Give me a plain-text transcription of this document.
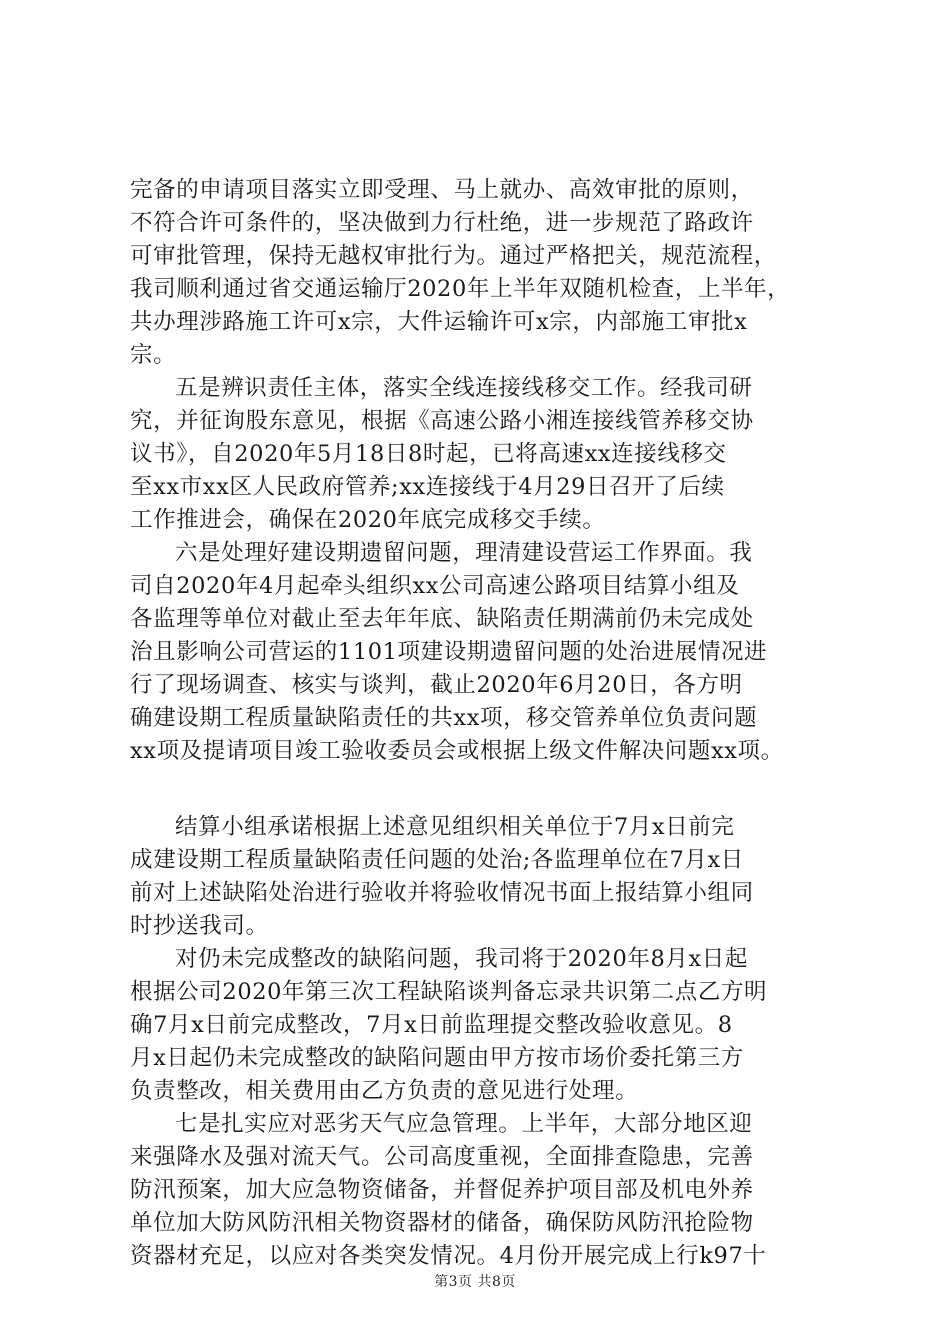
完备的申请项目落实立即受理、马上就办、高效审批的原则，
不符合许可条件的，坚决做到力行杜绝，进一步规范了路政许
可审批管理，保持无越权审批行为。通过严格把关，规范流程，
我司顺利通过省交通运输厅2020年上半年双随机检查，上半年，
共办理涉路施工许可x宗，大件运输许可x宗，内部施工审批x
宗。
五是辨识责任主体，落实全线连接线移交工作。经我司研
究，并征询股东意见，根据《高速公路小湘连接线管养移交协
议书》，自2020年5月18日8时起，已将高速xx连接线移交
至xx市xx区人民政府管养;xx连接线于4月29日召开了后续
工作推进会，确保在2020年底完成移交手续。
六是处理好建设期遗留问题，理清建设营运工作界面。我
司自2020年4月起牵头组织xx公司高速公路项目结算小组及
各监理等单位对截止至去年年底、缺陷责任期满前仍未完成处
治且影响公司营运的1101项建设期遗留问题的处治进展情况进
行了现场调查、核实与谈判，截止2020年6月20日，各方明
确建设期工程质量缺陷责任的共xx项，移交管养单位负责问题
xx项及提请项目竣工验收委员会或根据上级文件解决问题xx项。
结算小组承诺根据上述意见组织相关单位于7月x日前完
成建设期工程质量缺陷责任问题的处治;各监理单位在7月x日
前对上述缺陷处治进行验收并将验收情况书面上报结算小组同
时抄送我司。
对仍未完成整改的缺陷问题，我司将于2020年8月x日起
根据公司2020年第三次工程缺陷谈判备忘录共识第二点乙方明
确7月x日前完成整改，7月x日前监理提交整改验收意见。8
月x日起仍未完成整改的缺陷问题由甲方按市场价委托第三方
负责整改，相关费用由乙方负责的意见进行处理。
七是扎实应对恶劣天气应急管理。上半年，大部分地区迎
来强降水及强对流天气。公司高度重视，全面排查隐患，完善
防汛预案，加大应急物资储备，并督促养护项目部及机电外养
单位加大防风防汛相关物资器材的储备，确保防风防汛抢险物
资器材充足，以应对各类突发情况。4月份开展完成上行k97十
第3页 共8页
